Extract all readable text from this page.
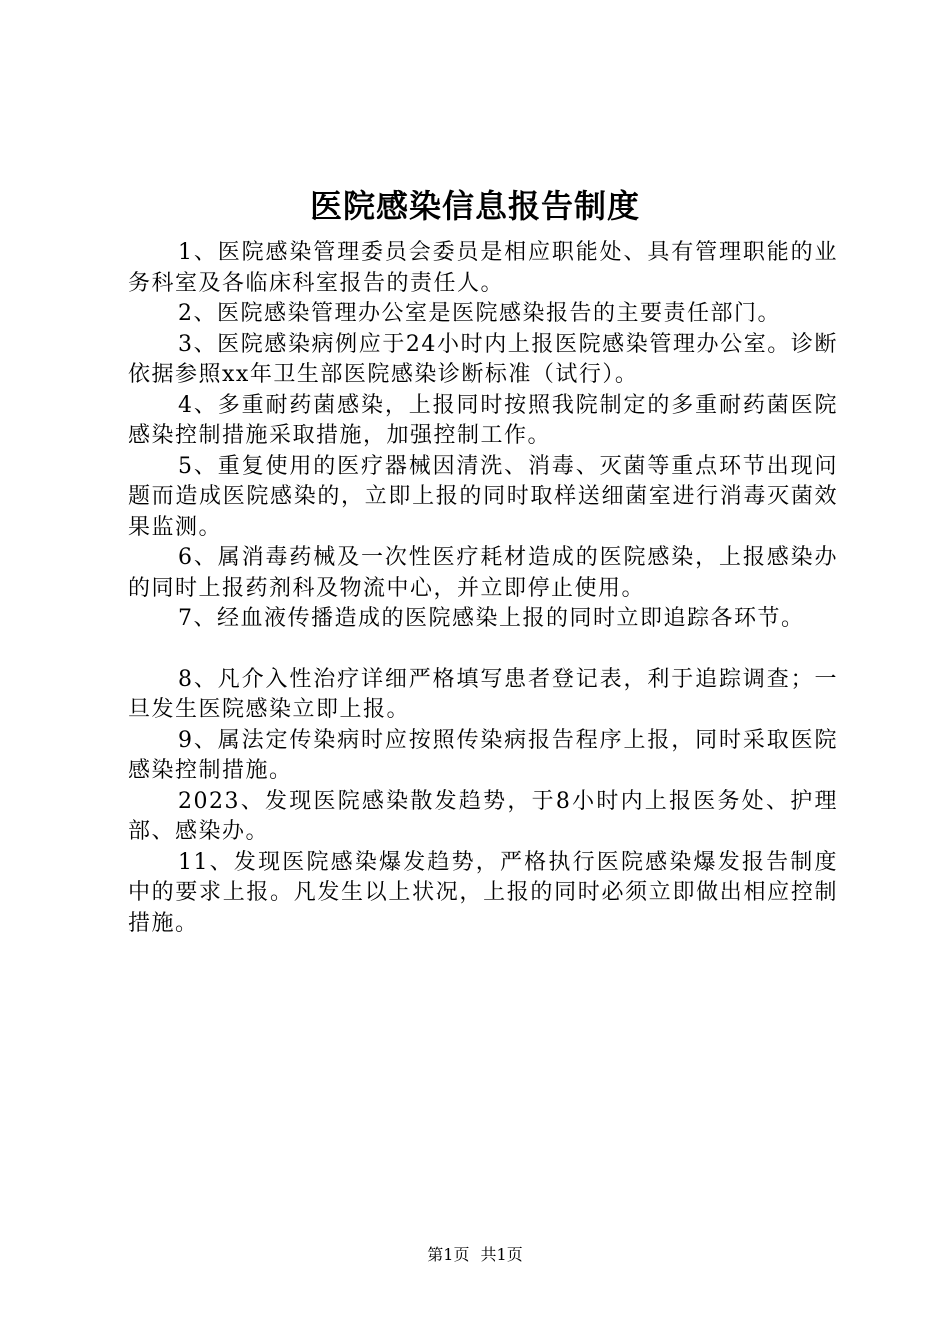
医院感染信息报告制度

1、医院感染管理委员会委员是相应职能处、具有管理职能的业务科室及各临床科室报告的责任人。

2、医院感染管理办公室是医院感染报告的主要责任部门。

3、医院感染病例应于24小时内上报医院感染管理办公室。诊断依据参照xx年卫生部医院感染诊断标准（试行）。

4、多重耐药菌感染，上报同时按照我院制定的多重耐药菌医院感染控制措施采取措施，加强控制工作。

5、重复使用的医疗器械因清洗、消毒、灭菌等重点环节出现问题而造成医院感染的，立即上报的同时取样送细菌室进行消毒灭菌效果监测。

6、属消毒药械及一次性医疗耗材造成的医院感染，上报感染办的同时上报药剂科及物流中心，并立即停止使用。

7、经血液传播造成的医院感染上报的同时立即追踪各环节。

8、凡介入性治疗详细严格填写患者登记表，利于追踪调查；一旦发生医院感染立即上报。

9、属法定传染病时应按照传染病报告程序上报，同时采取医院感染控制措施。

2023、发现医院感染散发趋势，于8小时内上报医务处、护理部、感染办。

11、发现医院感染爆发趋势，严格执行医院感染爆发报告制度中的要求上报。凡发生以上状况，上报的同时必须立即做出相应控制措施。

第1页 共1页
